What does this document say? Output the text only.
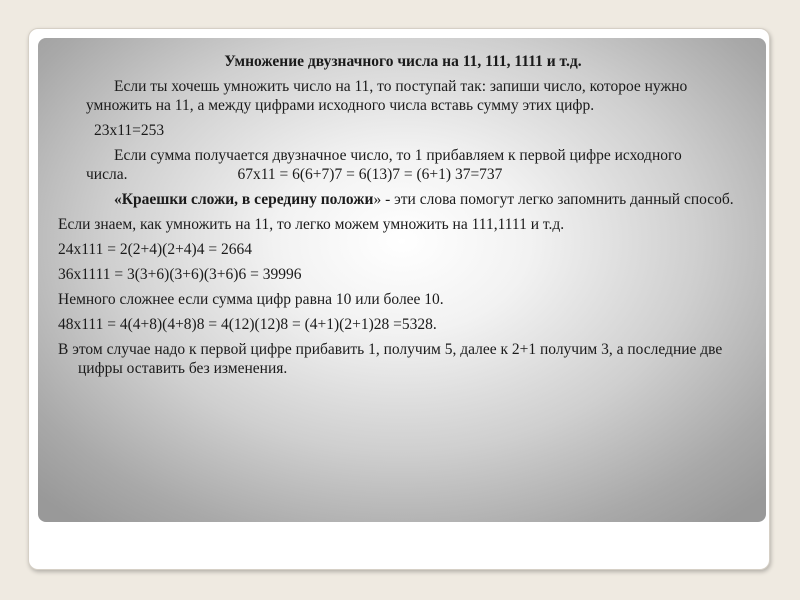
Умножение двузначного числа на 11, 111, 1111 и т.д.

Если ты хочешь умножить число на 11, то поступай так: запиши число, которое нужно умножить на 11, а между цифрами исходного числа вставь сумму этих цифр.

23х11=253

Если сумма получается двузначное число, то 1 прибавляем к первой цифре исходного числа.	67х11 = 6(6+7)7 = 6(13)7 = (6+1) 37=737

«Краешки сложи, в середину положи» - эти слова помогут легко запомнить данный способ.

Если знаем, как умножить на 11, то легко можем умножить на 111,1111 и т.д.

24х111 = 2(2+4)(2+4)4 = 2664

36х1111 = 3(3+6)(3+6)(3+6)6 = 39996

Немного сложнее если сумма цифр равна 10 или более 10.

48х111 = 4(4+8)(4+8)8 = 4(12)(12)8 = (4+1)(2+1)28 =5328.

В этом случае надо к первой цифре прибавить 1, получим 5, далее к 2+1 получим 3, а последние две цифры оставить без изменения.
